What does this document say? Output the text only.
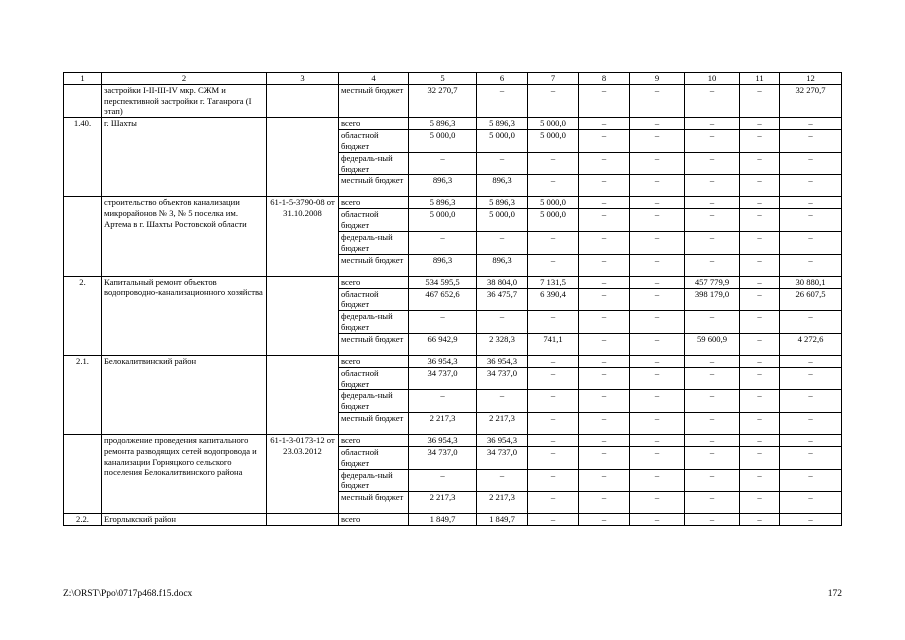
1	2	3	4	5	6	7	8	9	10	11	12
	застройки I-II-III-IV мкр. СЖМ и перспективной застройки г. Таганрога (I этап)		местный бюджет	32 270,7	–	–	–	–	–	–	32 270,7
1.40.	г. Шахты		всего	5 896,3	5 896,3	5 000,0	–	–	–	–	–
			областной бюджет	5 000,0	5 000,0	5 000,0	–	–	–	–	–
			федераль-ный бюджет	–	–	–	–	–	–	–	–
			местный бюджет	896,3	896,3	–	–	–	–	–	–
	строительство объектов канализации микрорайонов № 3, № 5 поселка им. Артема в г. Шахты Ростовской области	61-1-5-3790-08 от 31.10.2008	всего	5 896,3	5 896,3	5 000,0	–	–	–	–	–
			областной бюджет	5 000,0	5 000,0	5 000,0	–	–	–	–	–
			федераль-ный бюджет	–	–	–	–	–	–	–	–
			местный бюджет	896,3	896,3	–	–	–	–	–	–
2.	Капитальный ремонт объектов водопроводно-канализационного хозяйства		всего	534 595,5	38 804,0	7 131,5	–	–	457 779,9	–	30 880,1
			областной бюджет	467 652,6	36 475,7	6 390,4	–	–	398 179,0	–	26 607,5
			федераль-ный бюджет	–	–	–	–	–	–	–	–
			местный бюджет	66 942,9	2 328,3	741,1	–	–	59 600,9	–	4 272,6
2.1.	Белокалитвинский район		всего	36 954,3	36 954,3	–	–	–	–	–	–
			областной бюджет	34 737,0	34 737,0	–	–	–	–	–	–
			федераль-ный бюджет	–	–	–	–	–	–	–	–
			местный бюджет	2 217,3	2 217,3	–	–	–	–	–	–
	продолжение проведения капитального ремонта разводящих сетей водопровода и канализации Горняцкого сельского поселения Белокалитвинского района	61-1-3-0173-12 от 23.03.2012	всего	36 954,3	36 954,3	–	–	–	–	–	–
			областной бюджет	34 737,0	34 737,0	–	–	–	–	–	–
			федераль-ный бюджет	–	–	–	–	–	–	–	–
			местный бюджет	2 217,3	2 217,3	–	–	–	–	–	–
2.2.	Егорлыкский район		всего	1 849,7	1 849,7	–	–	–	–	–	–
Z:\ORST\Ppo\0717p468.f15.docx	172
